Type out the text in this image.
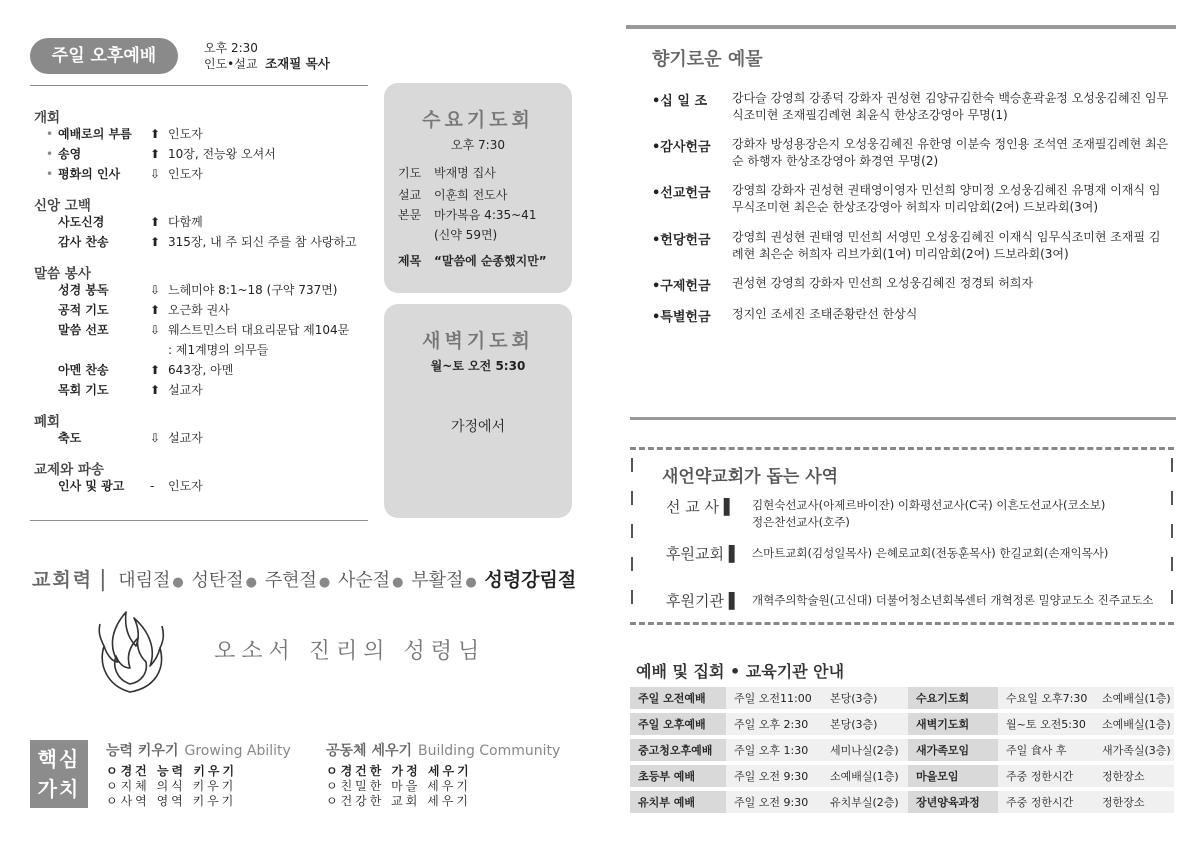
주일 오후예배	오후 2:30
인도•설교 조재필 목사
개회
• 예배로의 부름 ⬆ 인도자
• 송영	⬆ 10장, 전능왕 오셔서
• 평화의 인사 ⇩ 인도자
신앙 고백
사도신경	⬆ 다함께
감사 찬송	⬆ 315장, 내 주 되신 주를 참 사랑하고
말씀 봉사
성경 봉독	⇩ 느헤미야 8:1~18 (구약 737면)
공적 기도	⬆ 오근화 권사
말씀 선포	⇩ 웨스트민스터 대요리문답 제104문
: 제1계명의 의무들
아멘 찬송	⬆ 643장, 아멘
목회 기도	⬆ 설교자
폐회
축도	⇩ 설교자
교제와 파송
인사 및 광고 - 인도자
수요기도회
오후 7:30
기도 박재명 집사
설교 이훈희 전도사
본문 마가복음 4:35~41
(신약 59면)
제목 “말씀에 순종했지만”
새벽기도회
월~토 오전 5:30
가정에서
교회력 | 대림절 ● 성탄절 ● 주현절 ● 사순절 ● 부활절 ● 성령강림절
오소서 진리의 성령님
핵심
가치
능력 키우기 Growing Ability
ㅇ경건 능력 키우기
ㅇ지체 의식 키우기
ㅇ사역 영역 키우기
공동체 세우기 Building Community
ㅇ경건한 가정 세우기
ㅇ친밀한 마을 세우기
ㅇ건강한 교회 세우기
향기로운 예물
•십 일 조 강다슬 강영희 강종덕 강화자 권성현 김양규김한숙 백승훈곽윤정 오성웅김혜진 임무식조미현 조재필김례현 최윤식 한상조강영아 무명(1)
•감사헌금 강화자 방성용장은지 오성웅김혜진 유한영 이분숙 정인용 조석연 조재필김례현 최은순 하행자 한상조강영아 화경연 무명(2)
•선교헌금 강영희 강화자 권성현 권태영이영자 민선희 양미정 오성웅김혜진 유명재 이재식 임무식조미현 최은순 한상조강영아 허희자 미리암회(2여) 드보라회(3여)
•헌당헌금 강영희 권성현 권태영 민선희 서영민 오성웅김혜진 이재식 임무식조미현 조재필 김례현 최은순 허희자 리브가회(1여) 미리암회(2여) 드보라회(3여)
•구제헌금 권성현 강영희 강화자 민선희 오성웅김혜진 정경퇴 허희자
•특별헌금 정지인 조세진 조태준황란선 한상식
새언약교회가 돕는 사역
선 교 사 ▌ 김현숙선교사(아제르바이잔) 이화평선교사(C국) 이흔도선교사(코소보)
정은찬선교사(호주)
후원교회 ▌ 스마트교회(김성일목사) 은혜로교회(전동훈목사) 한길교회(손재익목사)
후원기관 ▌ 개혁주의학술원(고신대) 더불어청소년회복센터 개혁정론 밀양교도소 진주교도소
예배 및 집회 • 교육기관 안내
주일 오전예배	주일 오전11:00	본당(3층)	수요기도회	수요일 오후7:30	소예배실(1층)
주일 오후예배	주일 오후 2:30	본당(3층)	새벽기도회	월~토 오전5:30	소예배실(1층)
중고청오후예배	주일 오후 1:30	세미나실(2층)	새가족모임	주일 食사 후	새가족실(3층)
초등부 예배	주일 오전 9:30	소예배실(1층)	마을모임	주중 정한시간	정한장소
유치부 예배	주일 오전 9:30	유치부실(2층)	장년양육과정	주중 정한시간	정한장소
